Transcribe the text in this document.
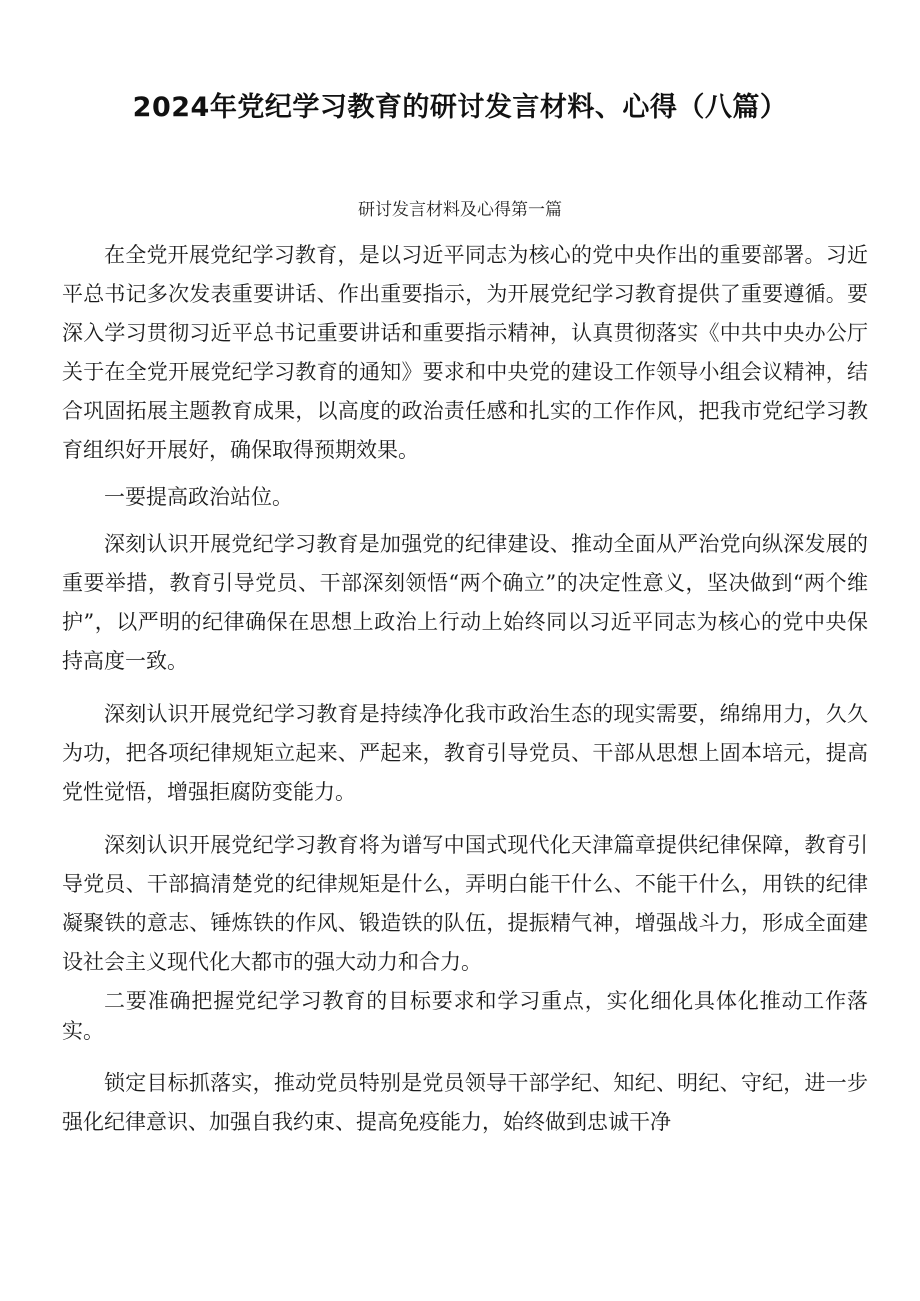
2024年党纪学习教育的研讨发言材料、心得（八篇）
研讨发言材料及心得第一篇

在全党开展党纪学习教育，是以习近平同志为核心的党中央作出的重要部署。习近平总书记多次发表重要讲话、作出重要指示，为开展党纪学习教育提供了重要遵循。要深入学习贯彻习近平总书记重要讲话和重要指示精神，认真贯彻落实《中共中央办公厅关于在全党开展党纪学习教育的通知》要求和中央党的建设工作领导小组会议精神，结合巩固拓展主题教育成果，以高度的政治责任感和扎实的工作作风，把我市党纪学习教育组织好开展好，确保取得预期效果。

一要提高政治站位。

深刻认识开展党纪学习教育是加强党的纪律建设、推动全面从严治党向纵深发展的重要举措，教育引导党员、干部深刻领悟“两个确立”的决定性意义，坚决做到“两个维护”，以严明的纪律确保在思想上政治上行动上始终同以习近平同志为核心的党中央保持高度一致。

深刻认识开展党纪学习教育是持续净化我市政治生态的现实需要，绵绵用力，久久为功，把各项纪律规矩立起来、严起来，教育引导党员、干部从思想上固本培元，提高党性觉悟，增强拒腐防变能力。

深刻认识开展党纪学习教育将为谱写中国式现代化天津篇章提供纪律保障，教育引导党员、干部搞清楚党的纪律规矩是什么，弄明白能干什么、不能干什么，用铁的纪律凝聚铁的意志、锤炼铁的作风、锻造铁的队伍，提振精气神，增强战斗力，形成全面建设社会主义现代化大都市的强大动力和合力。

二要准确把握党纪学习教育的目标要求和学习重点，实化细化具体化推动工作落实。

锁定目标抓落实，推动党员特别是党员领导干部学纪、知纪、明纪、守纪，进一步强化纪律意识、加强自我约束、提高免疫能力，始终做到忠诚干净
